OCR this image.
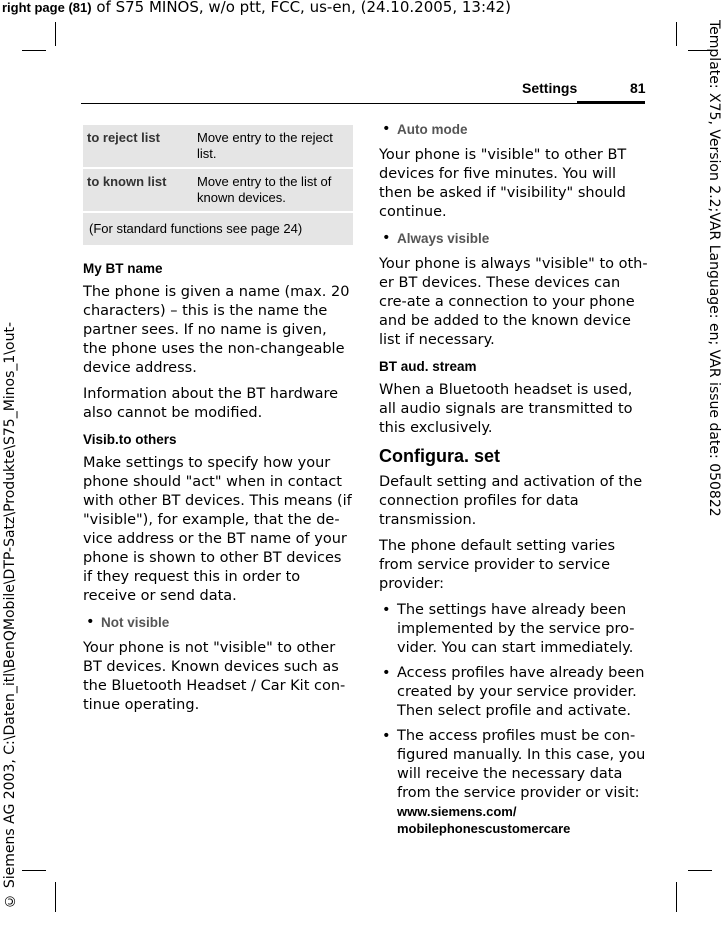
right page (81) of S75 MINOS, w/o ptt, FCC, us-en, (24.10.2005, 13:42)
Template: X75, Version 2.2;VAR Language: en; VAR issue date: 050822
© Siemens AG 2003, C:\Daten_itl\BenQMobile\DTP-Satz\Produkte\S75_Minos_1\out-
Settings	81
to reject list	Move entry to the reject list.
to known list	Move entry to the list of known devices.
(For standard functions see page 24)	
My BT name

The phone is given a name (max. 20 characters) – this is the name the partner sees. If no name is given, the phone uses the non-changeable device address.

Information about the BT hardware also cannot be modified.

Visib.to others

Make settings to specify how your phone should "act" when in contact with other BT devices. This means (if "visible"), for example, that the de-vice address or the BT name of your phone is shown to other BT devices if they request this in order to receive or send data.

• Not visible

Your phone is not "visible" to other BT devices. Known devices such as the Bluetooth Headset / Car Kit con-tinue operating.

• Auto mode

Your phone is "visible" to other BT devices for five minutes. You will then be asked if "visibility" should continue.

• Always visible

Your phone is always "visible" to oth-er BT devices. These devices can cre-ate a connection to your phone and be added to the known device list if necessary.

BT aud. stream

When a Bluetooth headset is used, all audio signals are transmitted to this exclusively.

Configura. set

Default setting and activation of the connection profiles for data transmission.

The phone default setting varies from service provider to service provider:

• The settings have already been implemented by the service pro-vider. You can start immediately.
• Access profiles have already been created by your service provider. Then select profile and activate.
• The access profiles must be con-figured manually. In this case, you will receive the necessary data from the service provider or visit:
www.siemens.com/
mobilephonescustomercare
